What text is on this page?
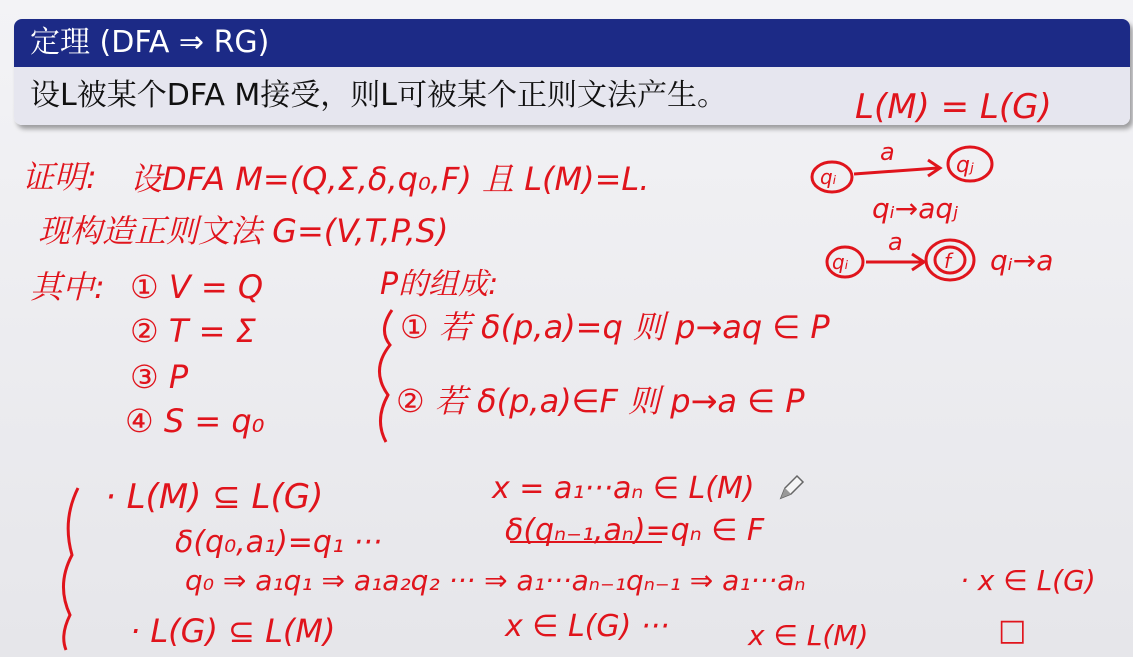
定理 (DFA ⇒ RG)
设L被某个DFA M接受，则L可被某个正则文法产生。	L(M) = L(G)
证明: 设DFA M=(Q,Σ,δ,q₀,F) 且 L(M)=L.
现构造正则文法 G=(V,T,P,S)
其中: ① V = Q
② T = Σ
③ P
④ S = q₀
P的组成:
① 若 δ(p,a)=q 则 p→aq ∈ P
② 若 δ(p,a)∈F 则 p→a ∈ P
qᵢ
a	qⱼ
qᵢ→aqⱼ
qᵢ
a
f qᵢ→a
· L(M) ⊆ L(G)	x = a₁···aₙ ∈ L(M)
δ(q₀,a₁)=q₁ ···	δ(qₙ₋₁,aₙ)=qₙ ∈ F
q₀ ⇒ a₁q₁ ⇒ a₁a₂q₂ ··· ⇒ a₁···aₙ₋₁qₙ₋₁ ⇒ a₁···aₙ	· x ∈ L(G)
· L(G) ⊆ L(M)	x ∈ L(G) ···	x ∈ L(M)	□
